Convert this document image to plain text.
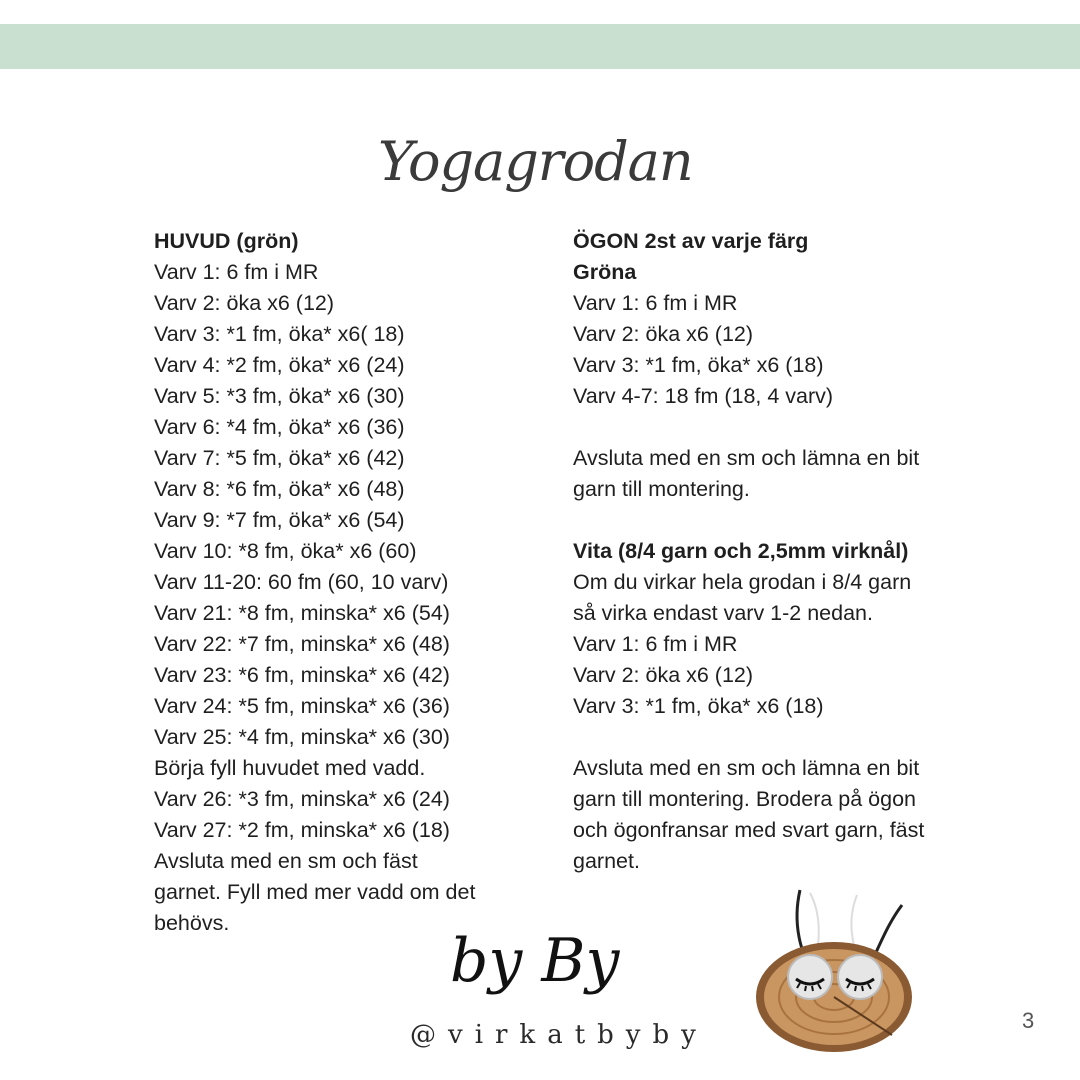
Yogagrodan
HUVUD (grön)
Varv 1: 6 fm i MR
Varv 2: öka x6 (12)
Varv 3: *1 fm, öka* x6( 18)
Varv 4: *2 fm, öka* x6 (24)
Varv 5: *3 fm, öka* x6 (30)
Varv 6: *4 fm, öka* x6 (36)
Varv 7: *5 fm, öka* x6 (42)
Varv 8: *6 fm, öka* x6 (48)
Varv 9: *7 fm, öka* x6 (54)
Varv 10: *8 fm, öka* x6 (60)
Varv 11-20: 60 fm (60, 10 varv)
Varv 21: *8 fm, minska* x6 (54)
Varv 22: *7 fm, minska* x6 (48)
Varv 23: *6 fm, minska* x6 (42)
Varv 24: *5 fm, minska* x6 (36)
Varv 25: *4 fm, minska* x6 (30)
Börja fyll huvudet med vadd.
Varv 26: *3 fm, minska* x6 (24)
Varv 27: *2 fm, minska* x6 (18)
Avsluta med en sm och fäst
garnet. Fyll med mer vadd om det
behövs.
ÖGON 2st av varje färg
Gröna
Varv 1: 6 fm i MR
Varv 2: öka x6 (12)
Varv 3: *1 fm, öka* x6 (18)
Varv 4-7: 18 fm (18, 4 varv)
Avsluta med en sm och lämna en bit
garn till montering.
Vita (8/4 garn och 2,5mm virknål)
Om du virkar hela grodan i 8/4 garn
så virka endast varv 1-2 nedan.
Varv 1: 6 fm i MR
Varv 2: öka x6 (12)
Varv 3: *1 fm, öka* x6 (18)
Avsluta med en sm och lämna en bit
garn till montering. Brodera på ögon
och ögonfransar med svart garn, fäst
garnet.
by By
@virkatbyby	3
